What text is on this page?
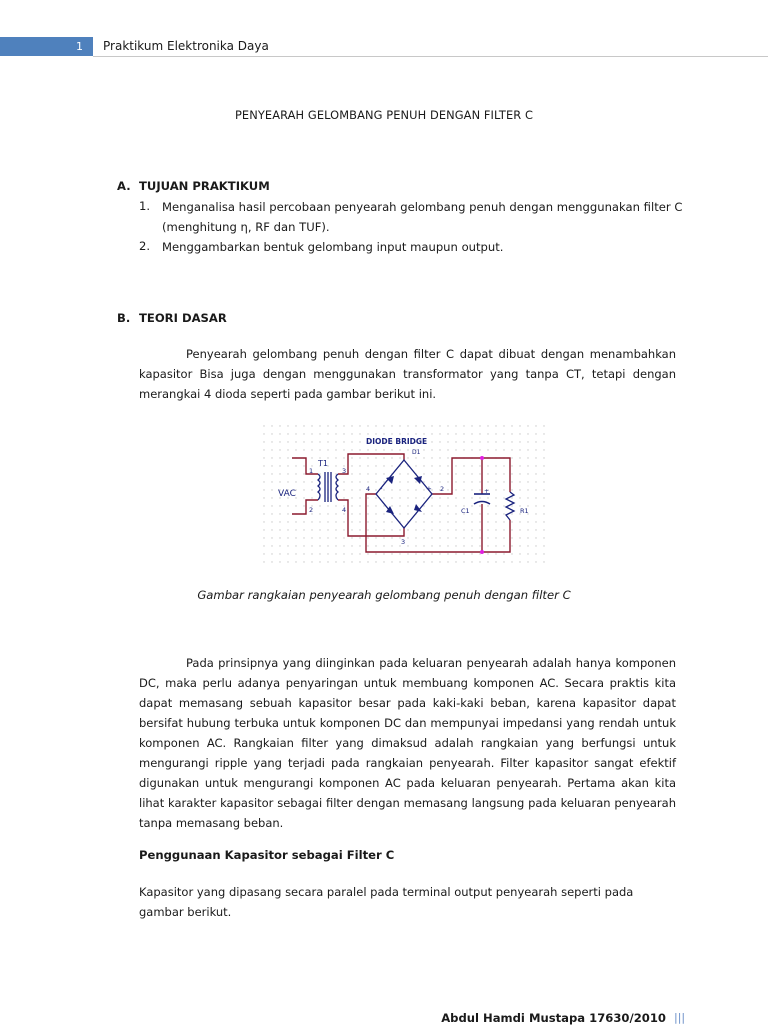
1	Praktikum Elektronika Daya
PENYEARAH GELOMBANG PENUH DENGAN FILTER C
A. TUJUAN PRAKTIKUM
1. Menganalisa hasil percobaan penyearah gelombang penuh dengan menggunakan filter C
(menghitung η, RF dan TUF).
2. Menggambarkan bentuk gelombang input maupun output.
B. TEORI DASAR

Penyearah gelombang penuh dengan filter C dapat dibuat dengan menambahkan kapasitor Bisa juga dengan menggunakan transformator yang tanpa CT, tetapi dengan merangkai 4 dioda seperti pada gambar berikut ini.

+
DIODE BRIDGE
D1
T1
VAC
C1	R1
1
2
3
4
4	2
3
+
-
Gambar rangkaian penyearah gelombang penuh dengan filter C

Pada prinsipnya yang diinginkan pada keluaran penyearah adalah hanya komponen DC, maka perlu adanya penyaringan untuk membuang komponen AC. Secara praktis kita dapat memasang sebuah kapasitor besar pada kaki-kaki beban, karena kapasitor dapat bersifat hubung terbuka untuk komponen DC dan mempunyai impedansi yang rendah untuk komponen AC. Rangkaian filter yang dimaksud adalah rangkaian yang berfungsi untuk mengurangi ripple yang terjadi pada rangkaian penyearah. Filter kapasitor sangat efektif digunakan untuk mengurangi komponen AC pada keluaran penyearah. Pertama akan kita lihat karakter kapasitor sebagai filter dengan memasang langsung pada keluaran penyearah tanpa memasang beban.

Penggunaan Kapasitor sebagai Filter C

Kapasitor yang dipasang secara paralel pada terminal output penyearah seperti pada gambar berikut.

Abdul Hamdi Mustapa 17630/2010 |||
